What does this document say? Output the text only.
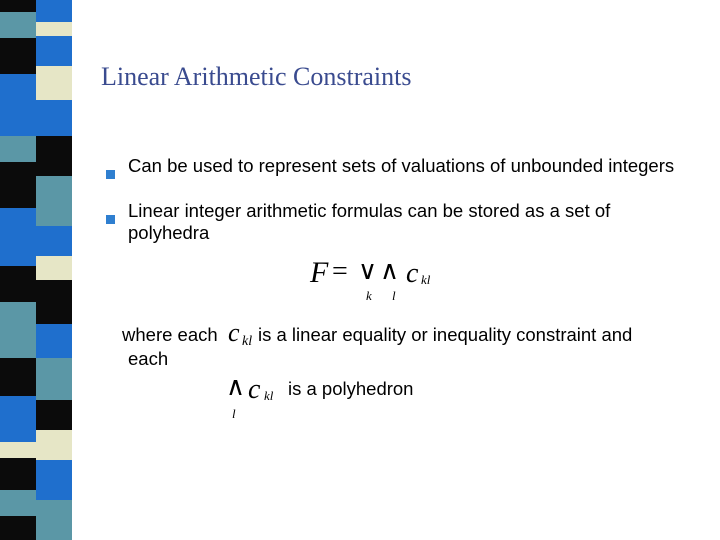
Linear Arithmetic Constraints
Can be used to represent sets of valuations of unbounded integers
Linear integer arithmetic formulas can be stored as a set of polyhedra
F = ∨
k
∧
l
c kl
where each c kl is a linear equality or inequality constraint and
each
∧
l
c kl is a polyhedron
